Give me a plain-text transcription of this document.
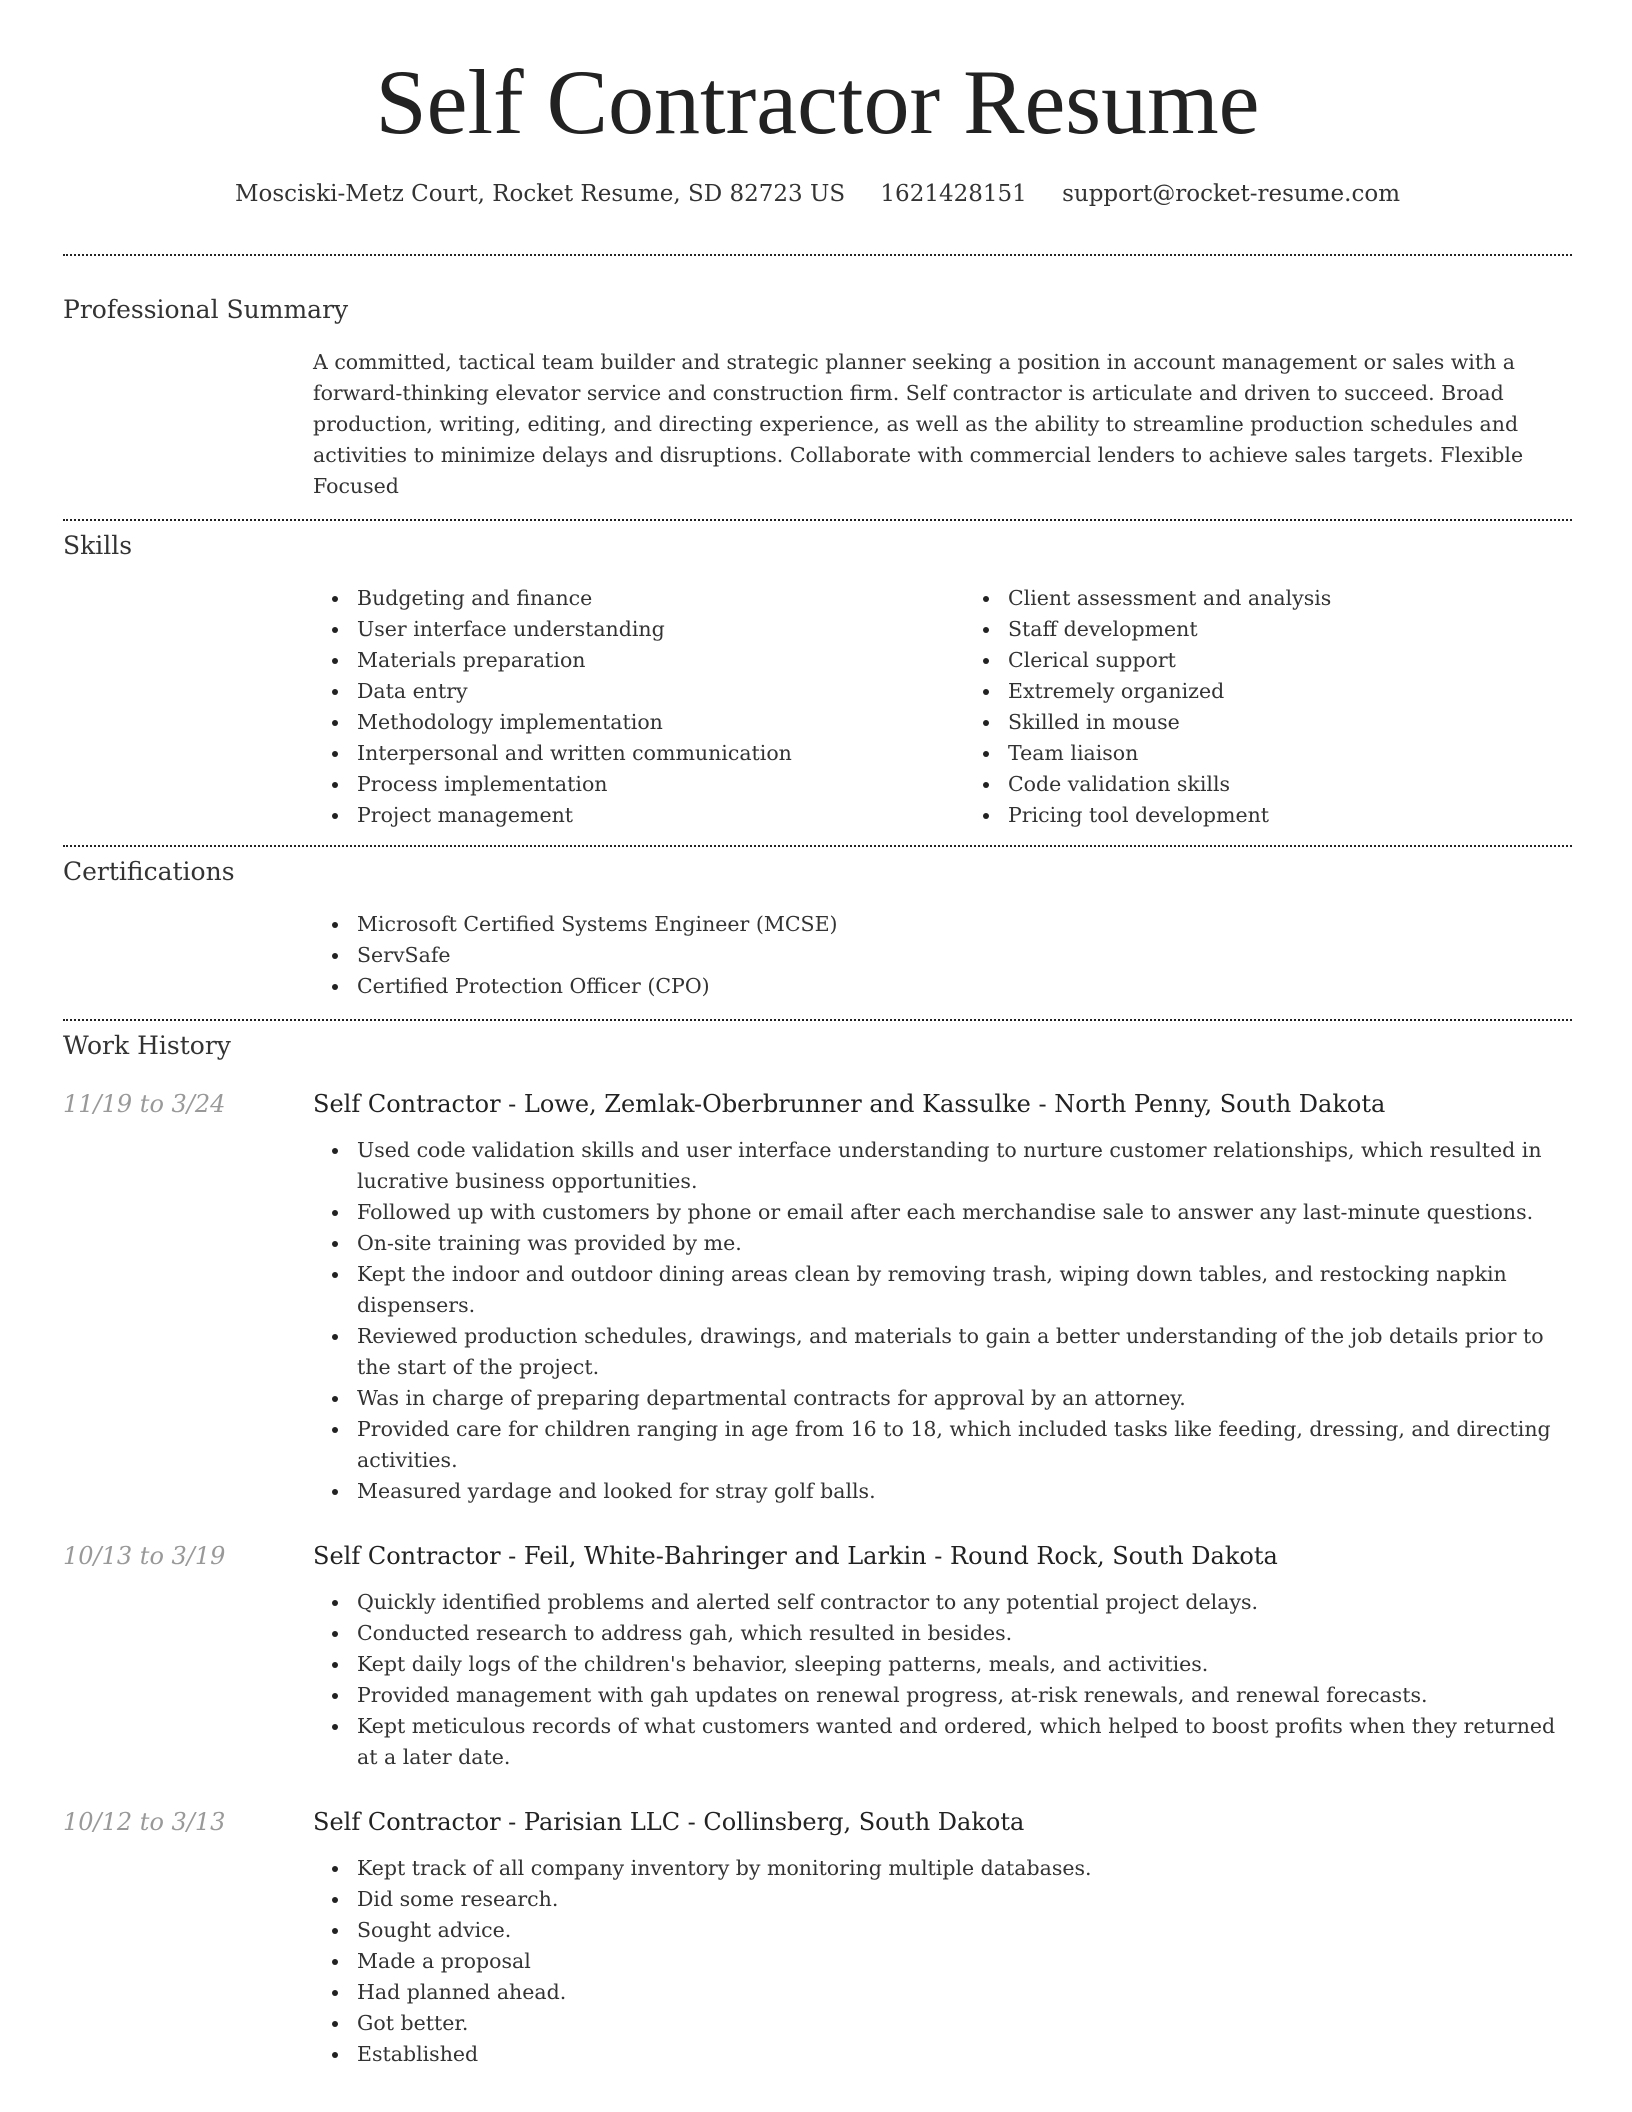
Self Contractor Resume
Mosciski-Metz Court, Rocket Resume, SD 82723 US 1621428151 support@rocket-resume.com
Professional Summary

A committed, tactical team builder and strategic planner seeking a position in account management or sales with a forward-thinking elevator service and construction firm. Self contractor is articulate and driven to succeed. Broad production, writing, editing, and directing experience, as well as the ability to streamline production schedules and activities to minimize delays and disruptions. Collaborate with commercial lenders to achieve sales targets. Flexible Focused

Skills
Budgeting and finance
User interface understanding
Materials preparation
Data entry
Methodology implementation
Interpersonal and written communication
Process implementation
Project management
Client assessment and analysis
Staff development
Clerical support
Extremely organized
Skilled in mouse
Team liaison
Code validation skills
Pricing tool development
Certifications
Microsoft Certified Systems Engineer (MCSE)
ServSafe
Certified Protection Officer (CPO)
Work History
11/19 to 3/24	Self Contractor - Lowe, Zemlak-Oberbrunner and Kassulke - North Penny, South Dakota
Used code validation skills and user interface understanding to nurture customer relationships, which resulted in lucrative business opportunities.
Followed up with customers by phone or email after each merchandise sale to answer any last-minute questions.
On-site training was provided by me.
Kept the indoor and outdoor dining areas clean by removing trash, wiping down tables, and restocking napkin dispensers.
Reviewed production schedules, drawings, and materials to gain a better understanding of the job details prior to the start of the project.
Was in charge of preparing departmental contracts for approval by an attorney.
Provided care for children ranging in age from 16 to 18, which included tasks like feeding, dressing, and directing activities.
Measured yardage and looked for stray golf balls.
10/13 to 3/19	Self Contractor - Feil, White-Bahringer and Larkin - Round Rock, South Dakota
Quickly identified problems and alerted self contractor to any potential project delays.
Conducted research to address gah, which resulted in besides.
Kept daily logs of the children's behavior, sleeping patterns, meals, and activities.
Provided management with gah updates on renewal progress, at-risk renewals, and renewal forecasts.
Kept meticulous records of what customers wanted and ordered, which helped to boost profits when they returned at a later date.
10/12 to 3/13	Self Contractor - Parisian LLC - Collinsberg, South Dakota
Kept track of all company inventory by monitoring multiple databases.
Did some research.
Sought advice.
Made a proposal
Had planned ahead.
Got better.
Established
